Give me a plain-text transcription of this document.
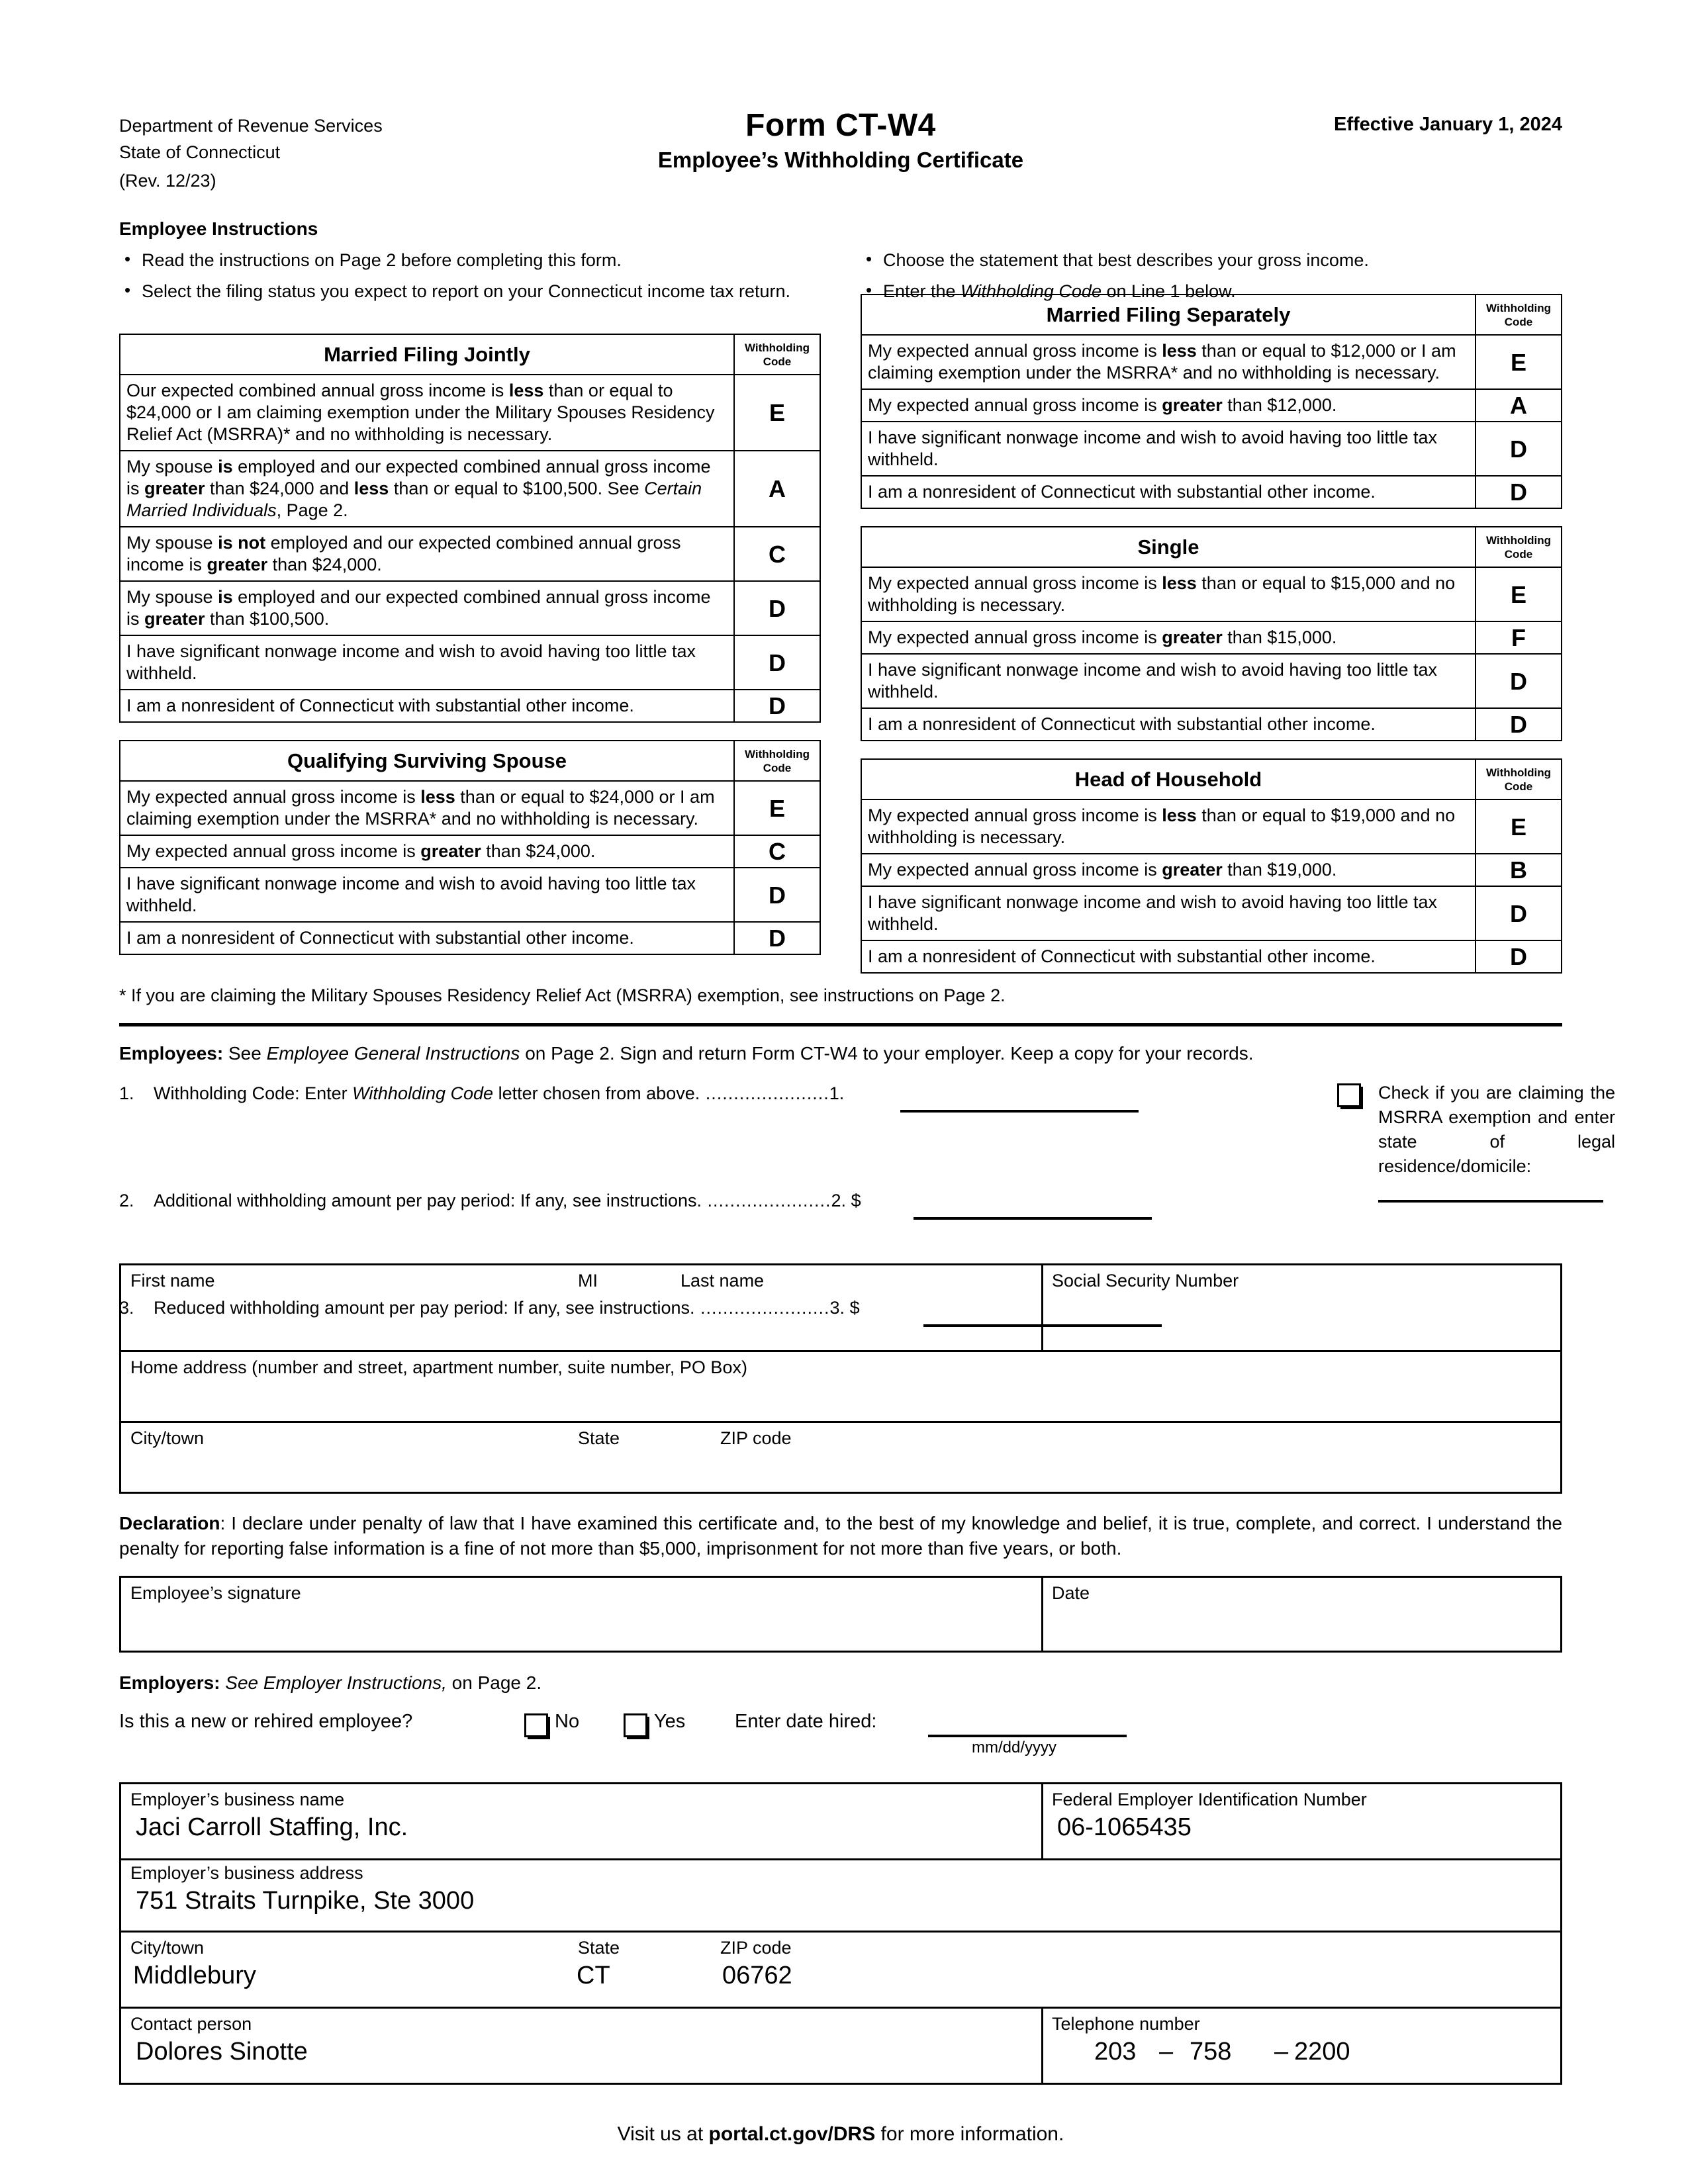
Department of Revenue Services
State of Connecticut
(Rev. 12/23)
Form CT-W4
Employee’s Withholding Certificate
Effective January 1, 2024
Employee Instructions
• Read the instructions on Page 2 before completing this form.
• Select the filing status you expect to report on your Connecticut income tax return.
• Choose the statement that best describes your gross income.
• Enter the Withholding Code on Line 1 below.
Married Filing Jointly	Withholding
Code
Our expected combined annual gross income is less than or equal to $24,000 or I am claiming exemption under the Military Spouses Residency Relief Act (MSRRA)* and no withholding is necessary.	E
My spouse is employed and our expected combined annual gross income is greater than $24,000 and less than or equal to $100,500. See Certain Married Individuals, Page 2.	A
My spouse is not employed and our expected combined annual gross income is greater than $24,000.	C
My spouse is employed and our expected combined annual gross income is greater than $100,500.	D
I have significant nonwage income and wish to avoid having too little tax withheld.	D
I am a nonresident of Connecticut with substantial other income.	D
Qualifying Surviving Spouse	Withholding
Code
My expected annual gross income is less than or equal to $24,000 or I am claiming exemption under the MSRRA* and no withholding is necessary.	E
My expected annual gross income is greater than $24,000.	C
I have significant nonwage income and wish to avoid having too little tax withheld.	D
I am a nonresident of Connecticut with substantial other income.	D
Married Filing Separately	Withholding
Code
My expected annual gross income is less than or equal to $12,000 or I am claiming exemption under the MSRRA* and no withholding is necessary.	E
My expected annual gross income is greater than $12,000.	A
I have significant nonwage income and wish to avoid having too little tax withheld.	D
I am a nonresident of Connecticut with substantial other income.	D
Single	Withholding
Code
My expected annual gross income is less than or equal to $15,000 and no withholding is necessary.	E
My expected annual gross income is greater than $15,000.	F
I have significant nonwage income and wish to avoid having too little tax withheld.	D
I am a nonresident of Connecticut with substantial other income.	D
Head of Household	Withholding
Code
My expected annual gross income is less than or equal to $19,000 and no withholding is necessary.	E
My expected annual gross income is greater than $19,000.	B
I have significant nonwage income and wish to avoid having too little tax withheld.	D
I am a nonresident of Connecticut with substantial other income.	D
* If you are claiming the Military Spouses Residency Relief Act (MSRRA) exemption, see instructions on Page 2.
Employees: See Employee General Instructions on Page 2. Sign and return Form CT-W4 to your employer. Keep a copy for your records.
1.	Withholding Code: Enter Withholding Code letter chosen from above. ......................1.
2.	Additional withholding amount per pay period: If any, see instructions. ......................2. $
3.	Reduced withholding amount per pay period: If any, see instructions. .......................3. $
Check if you are claiming the MSRRA exemption and enter state of legal residence/domicile:
First name	MI	Last name	Social Security Number
Home address (number and street, apartment number, suite number, PO Box)
City/town	State	ZIP code
Declaration: I declare under penalty of law that I have examined this certificate and, to the best of my knowledge and belief, it is true, complete, and correct. I understand the penalty for reporting false information is a fine of not more than $5,000, imprisonment for not more than five years, or both.
Employee’s signature	Date
Employers: See Employer Instructions, on Page 2.
Is this a new or rehired employee?	No	Yes	Enter date hired:
mm/dd/yyyy
Employer’s business name
Jaci Carroll Staffing, Inc.
Federal Employer Identification Number
06-1065435
Employer’s business address
751 Straits Turnpike, Ste 3000
City/town
Middlebury
State
CT
ZIP code
06762
Contact person
Dolores Sinotte
Telephone number
203 – 758 – 2200
Visit us at portal.ct.gov/DRS for more information.
